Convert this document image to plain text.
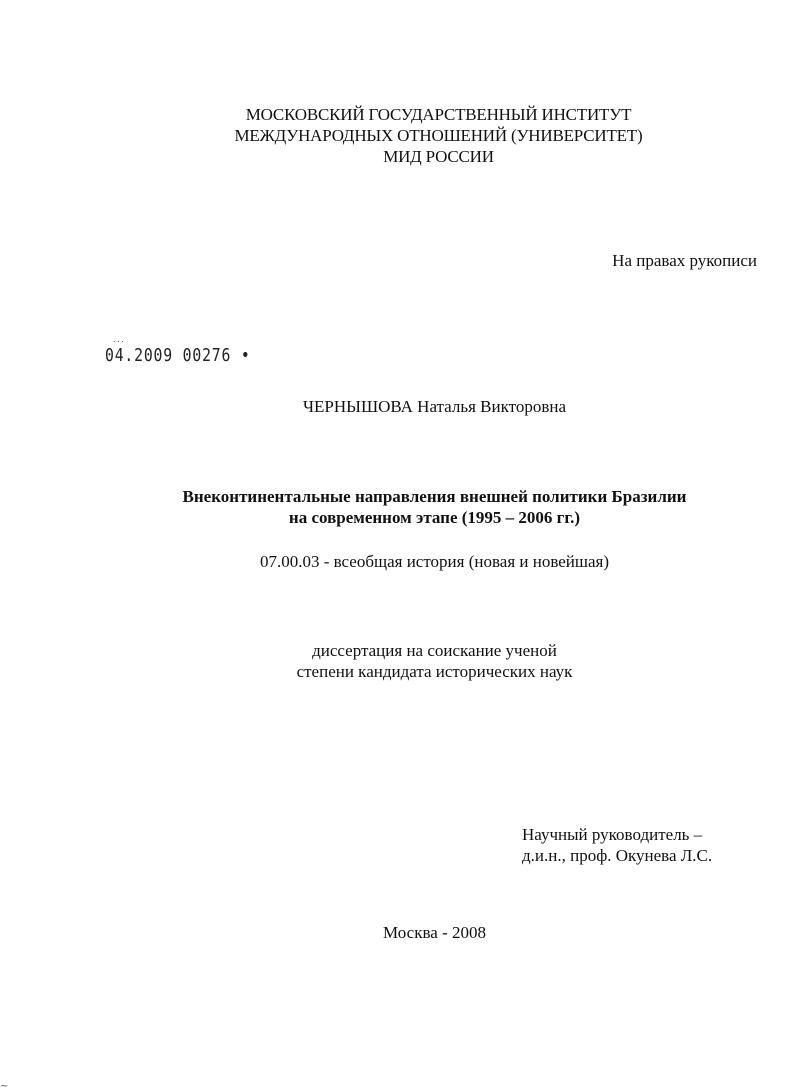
МОСКОВСКИЙ ГОСУДАРСТВЕННЫЙ ИНСТИТУТ
МЕЖДУНАРОДНЫХ ОТНОШЕНИЙ (УНИВЕРСИТЕТ)
МИД РОССИИ
На правах рукописи
...
04.2009 00276 •
ЧЕРНЫШОВА Наталья Викторовна
Внеконтинентальные направления внешней политики Бразилии
на современном этапе (1995 – 2006 гг.)
07.00.03 - всеобщая история (новая и новейшая)
диссертация на соискание ученой
степени кандидата исторических наук
Научный руководитель –
д.и.н., проф. Окунева Л.С.
Москва - 2008
∼
